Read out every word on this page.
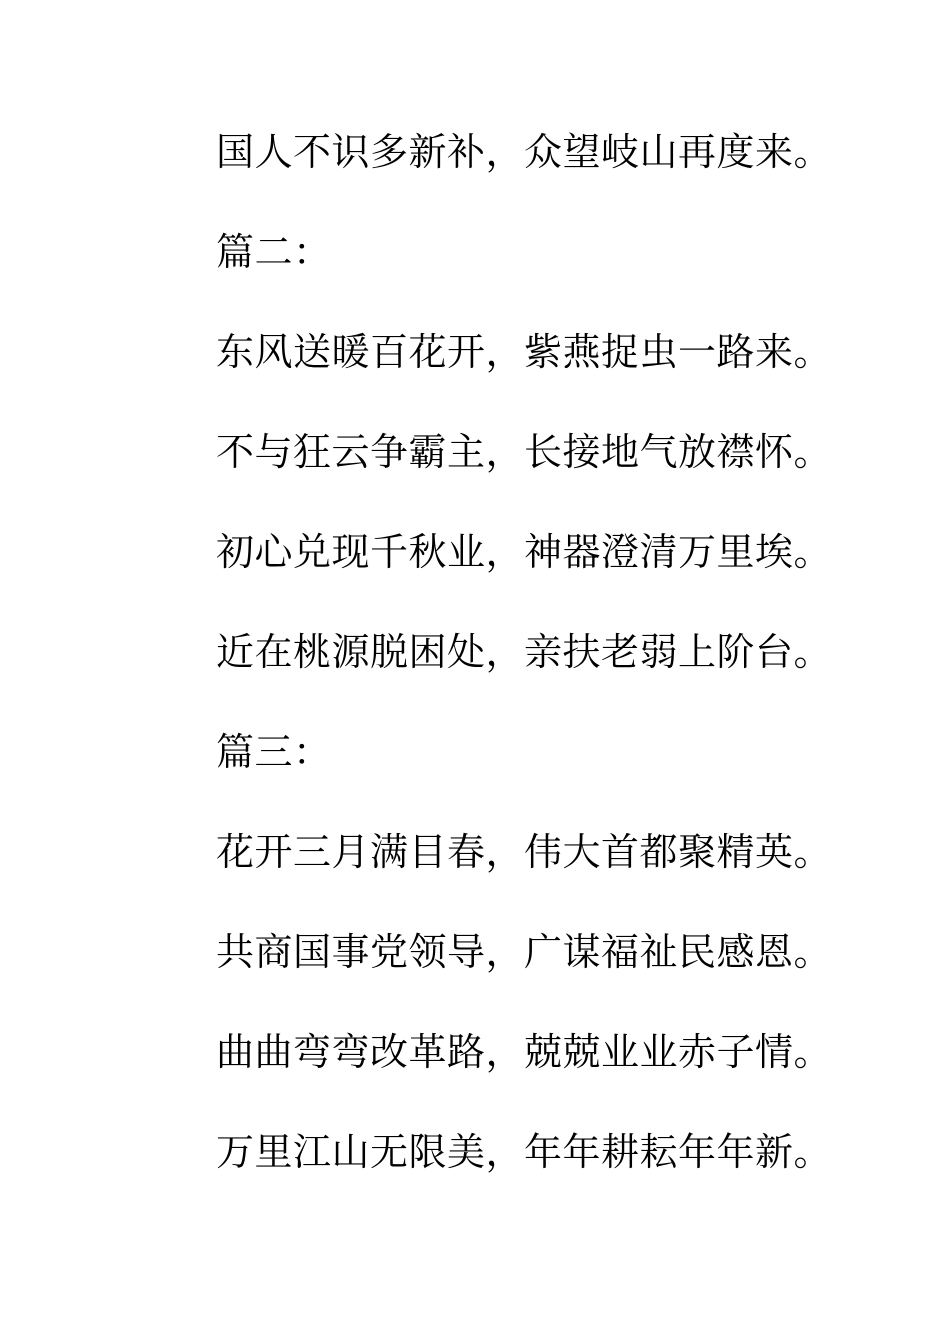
国人不识多新补，众望岐山再度来。
篇二：
东风送暖百花开，紫燕捉虫一路来。
不与狂云争霸主，长接地气放襟怀。
初心兑现千秋业，神器澄清万里埃。
近在桃源脱困处，亲扶老弱上阶台。
篇三：
花开三月满目春，伟大首都聚精英。
共商国事党领导，广谋福祉民感恩。
曲曲弯弯改革路，兢兢业业赤子情。
万里江山无限美，年年耕耘年年新。
